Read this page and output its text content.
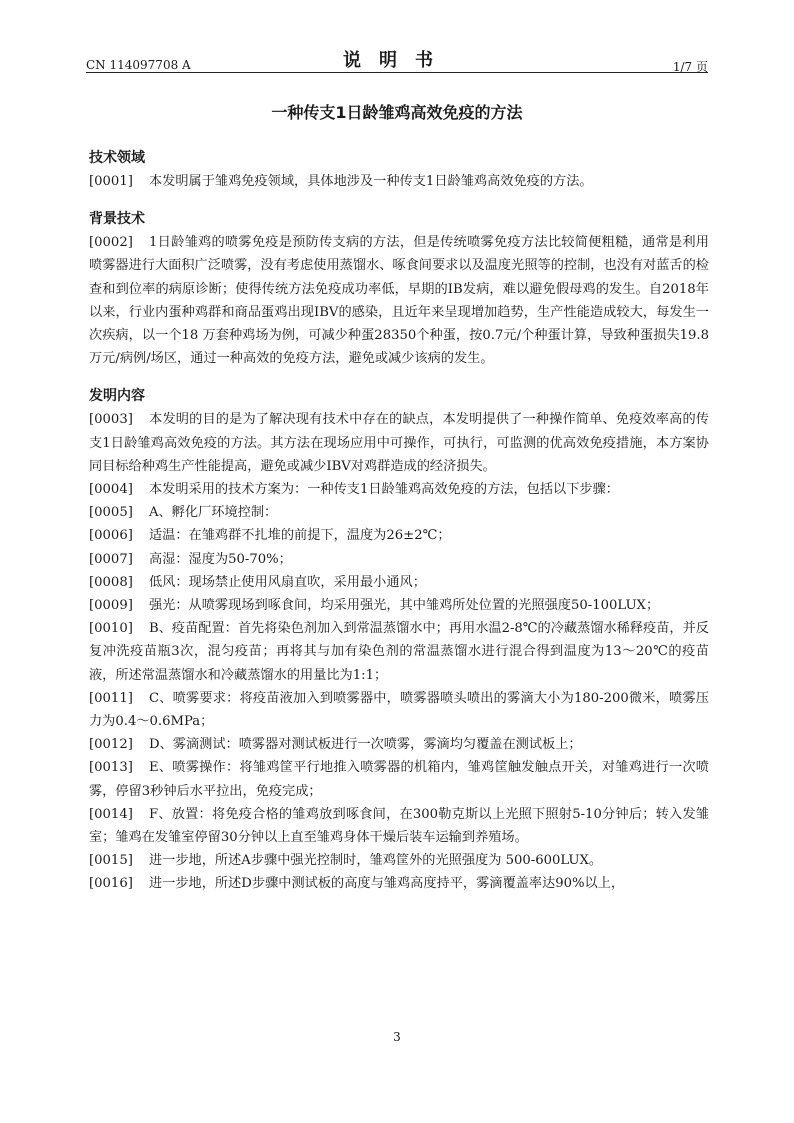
CN 114097708 A	说明书	1/7 页
一种传支1日龄雏鸡高效免疫的方法
技术领域
[0001] 本发明属于雏鸡免疫领域，具体地涉及一种传支1日龄雏鸡高效免疫的方法。
背景技术
[0002] 1日龄雏鸡的喷雾免疫是预防传支病的方法，但是传统喷雾免疫方法比较简便粗糙，通常是利用喷雾器进行大面积广泛喷雾，没有考虑使用蒸馏水、啄食间要求以及温度光照等的控制，也没有对蓝舌的检查和到位率的病原诊断；使得传统方法免疫成功率低，早期的IB发病，难以避免假母鸡的发生。自2018年以来，行业内蛋种鸡群和商品蛋鸡出现IBV的感染，且近年来呈现增加趋势，生产性能造成较大，每发生一次疾病，以一个18 万套种鸡场为例，可减少种蛋28350个种蛋，按0.7元/个种蛋计算，导致种蛋损失19.8万元/病例/场区，通过一种高效的免疫方法，避免或减少该病的发生。
发明内容
[0003] 本发明的目的是为了解决现有技术中存在的缺点，本发明提供了一种操作简单、免疫效率高的传支1日龄雏鸡高效免疫的方法。其方法在现场应用中可操作，可执行，可监测的优高效免疫措施，本方案协同目标给种鸡生产性能提高，避免或减少IBV对鸡群造成的经济损失。
[0004] 本发明采用的技术方案为：一种传支1日龄雏鸡高效免疫的方法，包括以下步骤：
[0005] A、孵化厂环境控制：
[0006] 适温：在雏鸡群不扎堆的前提下，温度为26±2℃；
[0007] 高湿：湿度为50-70%；
[0008] 低风：现场禁止使用风扇直吹，采用最小通风；
[0009] 强光：从喷雾现场到啄食间，均采用强光，其中雏鸡所处位置的光照强度50-100LUX；
[0010] B、疫苗配置：首先将染色剂加入到常温蒸馏水中；再用水温2-8℃的冷藏蒸馏水稀释疫苗，并反复冲洗疫苗瓶3次，混匀疫苗；再将其与加有染色剂的常温蒸馏水进行混合得到温度为13～20℃的疫苗液，所述常温蒸馏水和冷藏蒸馏水的用量比为1:1；
[0011] C、喷雾要求：将疫苗液加入到喷雾器中，喷雾器喷头喷出的雾滴大小为180-200微米，喷雾压力为0.4～0.6MPa；
[0012] D、雾滴测试：喷雾器对测试板进行一次喷雾，雾滴均匀覆盖在测试板上；
[0013] E、喷雾操作：将雏鸡筐平行地推入喷雾器的机箱内，雏鸡筐触发触点开关，对雏鸡进行一次喷雾，停留3秒钟后水平拉出，免疫完成；
[0014] F、放置：将免疫合格的雏鸡放到啄食间，在300勒克斯以上光照下照射5-10分钟后；转入发雏室；雏鸡在发雏室停留30分钟以上直至雏鸡身体干燥后装车运输到养殖场。
[0015] 进一步地，所述A步骤中强光控制时，雏鸡筐外的光照强度为 500-600LUX。
[0016] 进一步地，所述D步骤中测试板的高度与雏鸡高度持平，雾滴覆盖率达90%以上，
3
